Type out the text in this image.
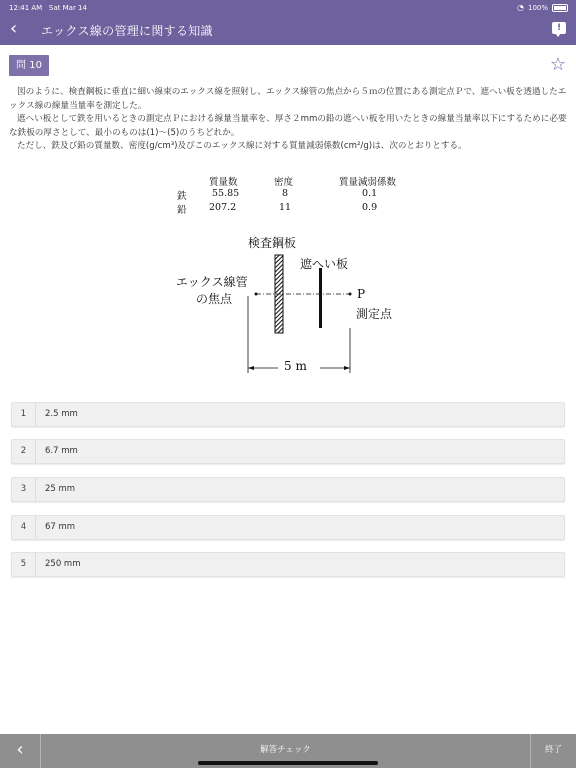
12:41 AM Sat Mar 14	◔ 100%
‹	エックス線の管理に関する知識	!
問 10	☆

図のように、検査鋼板に垂直に細い線束のエックス線を照射し、エックス線管の焦点から５ｍの位置にある測定点Ｐで、遮へい板を透過したエックス線の線量当量率を測定した。

遮へい板として鉄を用いるときの測定点Ｐにおける線量当量率を、厚さ２mmの鉛の遮へい板を用いたときの線量当量率以下にするために必要な鉄板の厚さとして、最小のものは(1)〜(5)のうちどれか。

ただし、鉄及び鉛の質量数、密度(g/cm³)及びこのエックス線に対する質量減弱係数(cm²/g)は、次のとおりとする。

質量数	密度	質量減弱係数
鉄	55.85	8	0.1
鉛 207.2	11	0.9
検査鋼板
遮へい板
エックス線管
の焦点	P
測定点
5 m
1	2.5 mm
2	6.7 mm
3	25 mm
4	67 mm
5	250 mm
‹	解答チェック	終了
